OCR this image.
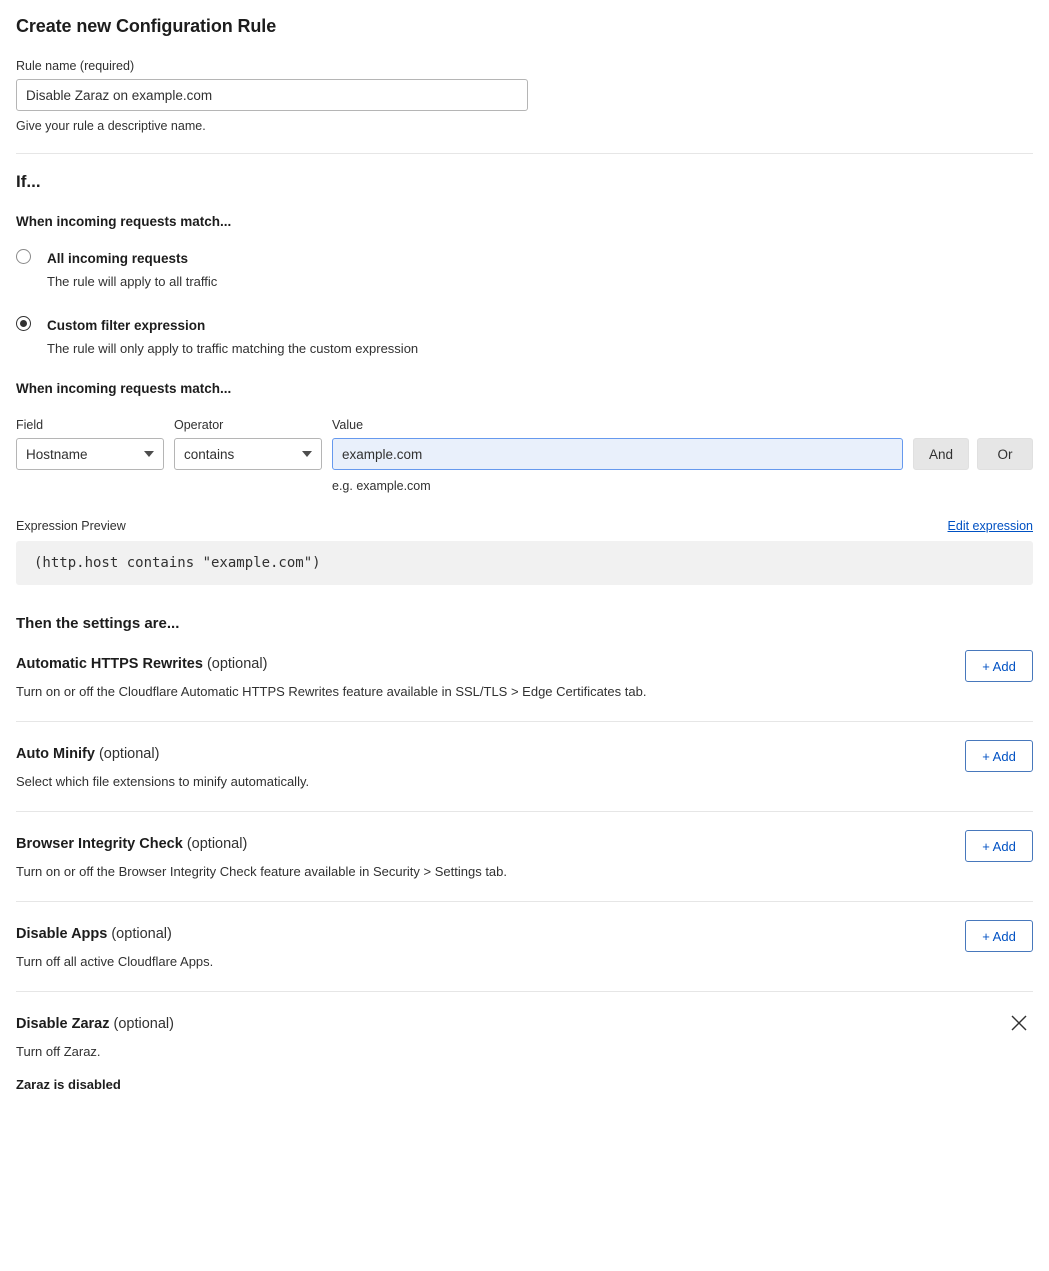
Create new Configuration Rule
Rule name (required)
Disable Zaraz on example.com
Give your rule a descriptive name.
If...
When incoming requests match...
All incoming requests
The rule will apply to all traffic
Custom filter expression
The rule will only apply to traffic matching the custom expression
When incoming requests match...
Field	Operator	Value
Hostname	contains
example.com
e.g. example.com
And	Or
Expression Preview	Edit expression
(http.host contains "example.com")
Then the settings are...
Automatic HTTPS Rewrites (optional)
Turn on or off the Cloudflare Automatic HTTPS Rewrites feature available in SSL/TLS > Edge Certificates tab.
+ Add
Auto Minify (optional)
Select which file extensions to minify automatically.
+ Add
Browser Integrity Check (optional)
Turn on or off the Browser Integrity Check feature available in Security > Settings tab.
+ Add
Disable Apps (optional)
Turn off all active Cloudflare Apps.
+ Add
Disable Zaraz (optional)
Turn off Zaraz.
Zaraz is disabled
